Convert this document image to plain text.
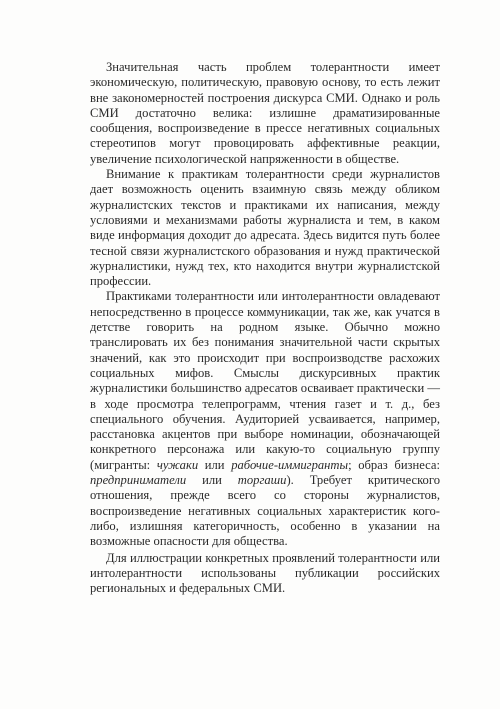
Значительная часть проблем толерантности имеет экономическую, политическую, правовую основу, то есть лежит вне закономерностей построения дискурса СМИ. Однако и роль СМИ достаточно велика: излишне драматизированные сообщения, воспроизведение в прессе негативных социальных стереотипов могут провоцировать аффективные реакции, увеличение психологической напряженности в обществе.

Внимание к практикам толерантности среди журналистов дает возможность оценить взаимную связь между обликом журналистских текстов и практиками их написания, между условиями и механизмами работы журналиста и тем, в каком виде информация доходит до адресата. Здесь видится путь более тесной связи журналистского образования и нужд практической журналистики, нужд тех, кто находится внутри журналистской профессии.

Практиками толерантности или интолерантности овладевают непосредственно в процессе коммуникации, так же, как учатся в детстве говорить на родном языке. Обычно можно транслировать их без понимания значительной части скрытых значений, как это происходит при воспроизводстве расхожих социальных мифов. Смыслы дискурсивных практик журналистики большинство адресатов осваивает практически — в ходе просмотра телепрограмм, чтения газет и т. д., без специального обучения. Аудиторией усваивается, например, расстановка акцентов при выборе номинации, обозначающей конкретного персонажа или какую-то социальную группу (мигранты: чужаки или рабочие-иммигранты; образ бизнеса: предприниматели или торгаши). Требует критического отношения, прежде всего со стороны журналистов, воспроизведение негативных социальных характеристик кого-либо, излишняя категоричность, особенно в указании на возможные опасности для общества.

Для иллюстрации конкретных проявлений толерантности или интолерантности использованы публикации российских региональных и федеральных СМИ.
